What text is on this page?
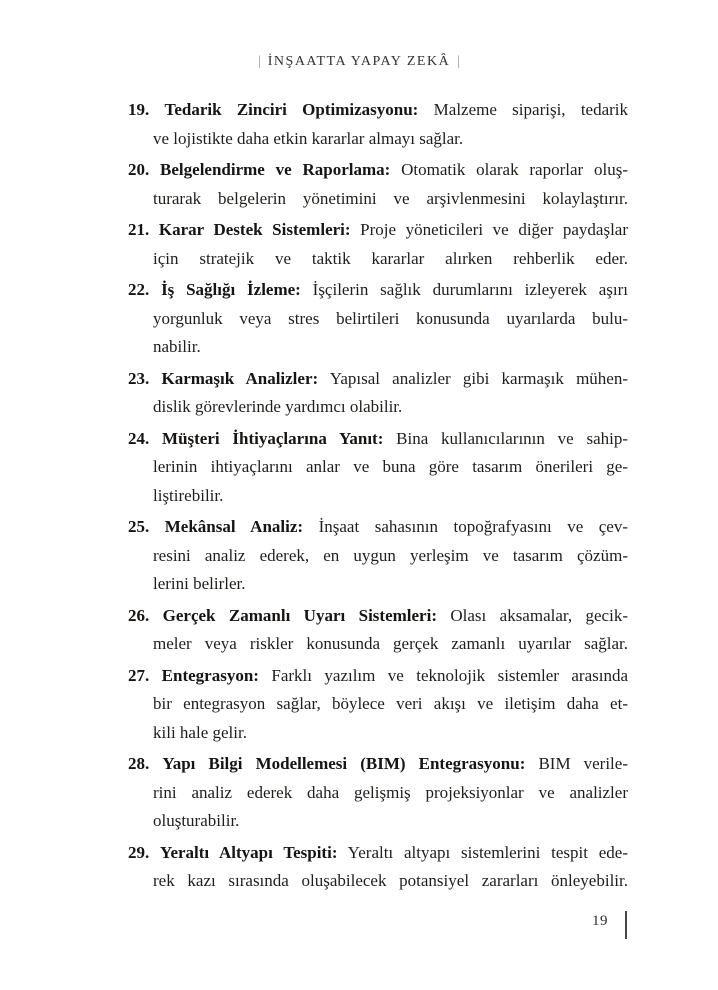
| İNŞAATTA YAPAY ZEKÂ |
19. Tedarik Zinciri Optimizasyonu: Malzeme siparişi, tedarik
ve lojistikte daha etkin kararlar almayı sağlar.
20. Belgelendirme ve Raporlama: Otomatik olarak raporlar oluş-
turarak belgelerin yönetimini ve arşivlenmesini kolaylaştırır.
21. Karar Destek Sistemleri: Proje yöneticileri ve diğer paydaşlar
için stratejik ve taktik kararlar alırken rehberlik eder.
22. İş Sağlığı İzleme: İşçilerin sağlık durumlarını izleyerek aşırı
yorgunluk veya stres belirtileri konusunda uyarılarda bulu-
nabilir.
23. Karmaşık Analizler: Yapısal analizler gibi karmaşık mühen-
dislik görevlerinde yardımcı olabilir.
24. Müşteri İhtiyaçlarına Yanıt: Bina kullanıcılarının ve sahip-
lerinin ihtiyaçlarını anlar ve buna göre tasarım önerileri ge-
liştirebilir.
25. Mekânsal Analiz: İnşaat sahasının topoğrafyasını ve çev-
resini analiz ederek, en uygun yerleşim ve tasarım çözüm-
lerini belirler.
26. Gerçek Zamanlı Uyarı Sistemleri: Olası aksamalar, gecik-
meler veya riskler konusunda gerçek zamanlı uyarılar sağlar.
27. Entegrasyon: Farklı yazılım ve teknolojik sistemler arasında
bir entegrasyon sağlar, böylece veri akışı ve iletişim daha et-
kili hale gelir.
28. Yapı Bilgi Modellemesi (BIM) Entegrasyonu: BIM verile-
rini analiz ederek daha gelişmiş projeksiyonlar ve analizler
oluşturabilir.
29. Yeraltı Altyapı Tespiti: Yeraltı altyapı sistemlerini tespit ede-
rek kazı sırasında oluşabilecek potansiyel zararları önleyebilir.
19
